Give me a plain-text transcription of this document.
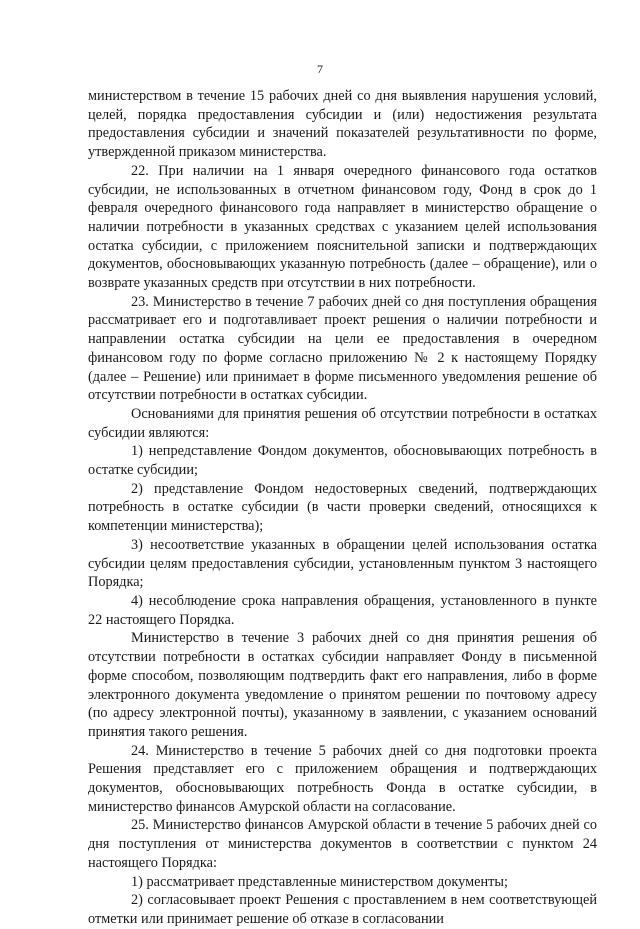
7

министерством в течение 15 рабочих дней со дня выявления нарушения условий, целей, порядка предоставления субсидии и (или) недостижения результата предоставления субсидии и значений показателей результативности по форме, утвержденной приказом министерства.

22. При наличии на 1 января очередного финансового года остатков субсидии, не использованных в отчетном финансовом году, Фонд в срок до 1 февраля очередного финансового года направляет в министерство обращение о наличии потребности в указанных средствах с указанием целей использования остатка субсидии, с приложением пояснительной записки и подтверждающих документов, обосновывающих указанную потребность (далее – обращение), или о возврате указанных средств при отсутствии в них потребности.

23. Министерство в течение 7 рабочих дней со дня поступления обращения рассматривает его и подготавливает проект решения о наличии потребности и направлении остатка субсидии на цели ее предоставления в очередном финансовом году по форме согласно приложению № 2 к настоящему Порядку (далее – Решение) или принимает в форме письменного уведомления решение об отсутствии потребности в остатках субсидии.

Основаниями для принятия решения об отсутствии потребности в остатках субсидии являются:

1) непредставление Фондом документов, обосновывающих потребность в остатке субсидии;

2) представление Фондом недостоверных сведений, подтверждающих потребность в остатке субсидии (в части проверки сведений, относящихся к компетенции министерства);

3) несоответствие указанных в обращении целей использования остатка субсидии целям предоставления субсидии, установленным пунктом 3 настоящего Порядка;

4) несоблюдение срока направления обращения, установленного в пункте 22 настоящего Порядка.

Министерство в течение 3 рабочих дней со дня принятия решения об отсутствии потребности в остатках субсидии направляет Фонду в письменной форме способом, позволяющим подтвердить факт его направления, либо в форме электронного документа уведомление о принятом решении по почтовому адресу (по адресу электронной почты), указанному в заявлении, с указанием оснований принятия такого решения.

24. Министерство в течение 5 рабочих дней со дня подготовки проекта Решения представляет его с приложением обращения и подтверждающих документов, обосновывающих потребность Фонда в остатке субсидии, в министерство финансов Амурской области на согласование.

25. Министерство финансов Амурской области в течение 5 рабочих дней со дня поступления от министерства документов в соответствии с пунктом 24 настоящего Порядка:

1) рассматривает представленные министерством документы;

2) согласовывает проект Решения с проставлением в нем соответствующей отметки или принимает решение об отказе в согласовании
